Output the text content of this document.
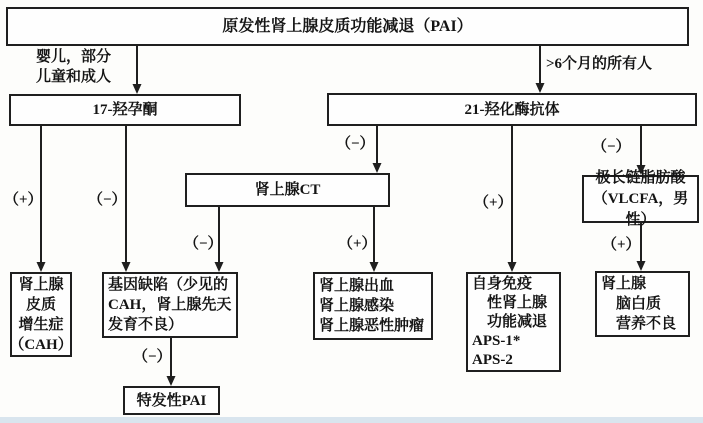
原发性肾上腺皮质功能减退（PAI）
婴儿，部分
儿童和成人
>6个月的所有人
17-羟孕酮	21-羟化酶抗体
肾上腺CT
极长链脂肪酸
（VLCFA，男性）
（+）	（−）
（−）
（+）
（−）
（−）	（+）	（+）
（−）
肾上腺
皮质
增生症
（CAH）
基因缺陷（少见的
CAH，肾上腺先天
发育不良）
肾上腺出血
肾上腺感染
肾上腺恶性肿瘤
自身免疫
性肾上腺
功能减退
APS-1*
APS-2
肾上腺
脑白质
营养不良
特发性PAI
